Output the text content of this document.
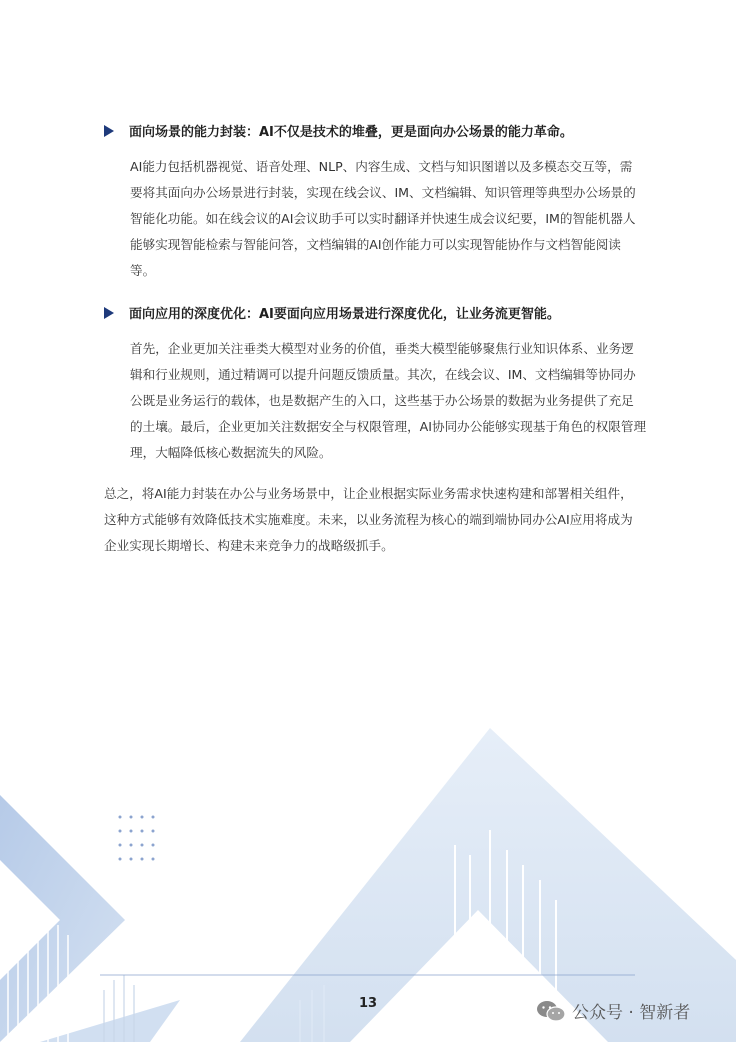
面向场景的能力封装：AI不仅是技术的堆叠，更是面向办公场景的能力革命。
AI能力包括机器视觉、语音处理、NLP、内容生成、文档与知识图谱以及多模态交互等，需
要将其面向办公场景进行封装，实现在线会议、IM、文档编辑、知识管理等典型办公场景的
智能化功能。如在线会议的AI会议助手可以实时翻译并快速生成会议纪要，IM的智能机器人
能够实现智能检索与智能问答，文档编辑的AI创作能力可以实现智能协作与文档智能阅读
等。
面向应用的深度优化：AI要面向应用场景进行深度优化，让业务流更智能。
首先，企业更加关注垂类大模型对业务的价值，垂类大模型能够聚焦行业知识体系、业务逻
辑和行业规则，通过精调可以提升问题反馈质量。其次，在线会议、IM、文档编辑等协同办
公既是业务运行的载体，也是数据产生的入口，这些基于办公场景的数据为业务提供了充足
的土壤。最后，企业更加关注数据安全与权限管理，AI协同办公能够实现基于角色的权限管理
理，大幅降低核心数据流失的风险。
总之，将AI能力封装在办公与业务场景中，让企业根据实际业务需求快速构建和部署相关组件，
这种方式能够有效降低技术实施难度。未来，以业务流程为核心的端到端协同办公AI应用将成为
企业实现长期增长、构建未来竞争力的战略级抓手。
13	公众号 · 智新者
